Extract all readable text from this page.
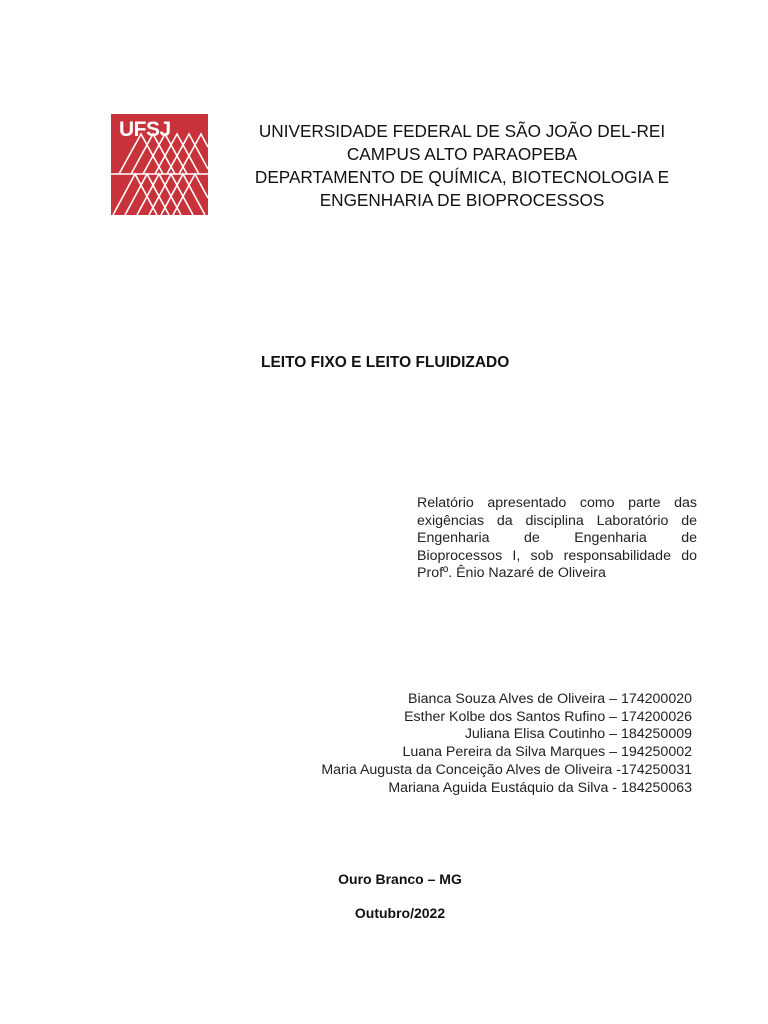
UFSJ	UNIVERSIDADE FEDERAL DE SÃO JOÃO DEL-REI
CAMPUS ALTO PARAOPEBA
DEPARTAMENTO DE QUÍMICA, BIOTECNOLOGIA E
ENGENHARIA DE BIOPROCESSOS
LEITO FIXO E LEITO FLUIDIZADO
Relatório apresentado como parte das
exigências da disciplina Laboratório de
Engenharia de Engenharia de
Bioprocessos I, sob responsabilidade do
Profº. Ênio Nazaré de Oliveira
Bianca Souza Alves de Oliveira – 174200020
Esther Kolbe dos Santos Rufino – 174200026
Juliana Elisa Coutinho – 184250009
Luana Pereira da Silva Marques – 194250002
Maria Augusta da Conceição Alves de Oliveira -174250031
Mariana Aguida Eustáquio da Silva - 184250063
Ouro Branco – MG
Outubro/2022
